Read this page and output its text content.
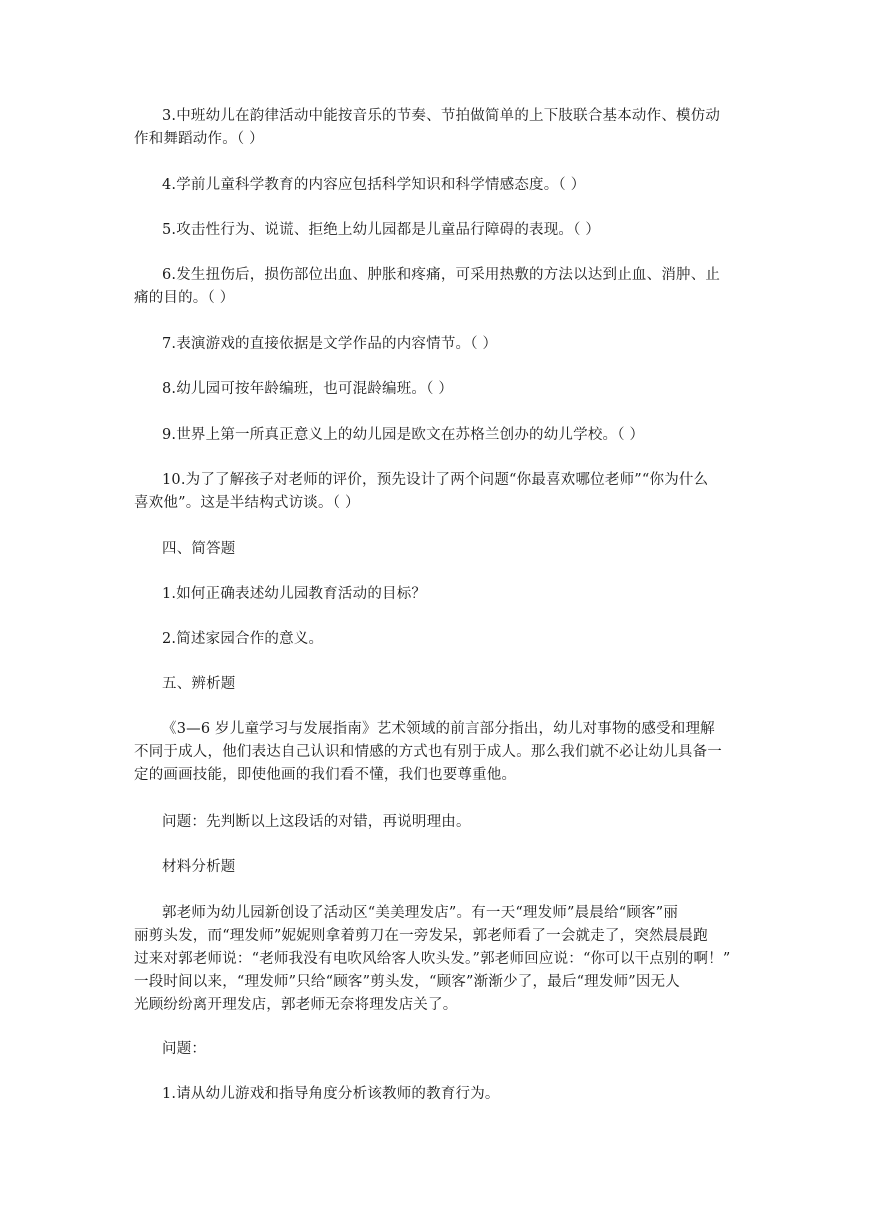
3.中班幼儿在韵律活动中能按音乐的节奏、节拍做简单的上下肢联合基本动作、模仿动
作和舞蹈动作。（ ）

4.学前儿童科学教育的内容应包括科学知识和科学情感态度。（ ）

5.攻击性行为、说谎、拒绝上幼儿园都是儿童品行障碍的表现。（ ）

6.发生扭伤后，损伤部位出血、肿胀和疼痛，可采用热敷的方法以达到止血、消肿、止
痛的目的。（ ）

7.表演游戏的直接依据是文学作品的内容情节。（ ）

8.幼儿园可按年龄编班，也可混龄编班。（ ）

9.世界上第一所真正意义上的幼儿园是欧文在苏格兰创办的幼儿学校。（ ）

10.为了了解孩子对老师的评价，预先设计了两个问题“你最喜欢哪位老师”“你为什么
喜欢他”。这是半结构式访谈。（ ）

四、简答题

1.如何正确表述幼儿园教育活动的目标？

2.简述家园合作的意义。

五、辨析题

《3—6 岁儿童学习与发展指南》艺术领域的前言部分指出，幼儿对事物的感受和理解
不同于成人，他们表达自己认识和情感的方式也有别于成人。那么我们就不必让幼儿具备一
定的画画技能，即使他画的我们看不懂，我们也要尊重他。

问题：先判断以上这段话的对错，再说明理由。

材料分析题

郭老师为幼儿园新创设了活动区“美美理发店”。有一天“理发师”晨晨给“顾客”丽
丽剪头发，而“理发师”妮妮则拿着剪刀在一旁发呆，郭老师看了一会就走了，突然晨晨跑
过来对郭老师说：“老师我没有电吹风给客人吹头发。”郭老师回应说：“你可以干点别的啊！”
一段时间以来，“理发师”只给“顾客”剪头发，“顾客”渐渐少了，最后“理发师”因无人
光顾纷纷离开理发店，郭老师无奈将理发店关了。

问题：

1.请从幼儿游戏和指导角度分析该教师的教育行为。
